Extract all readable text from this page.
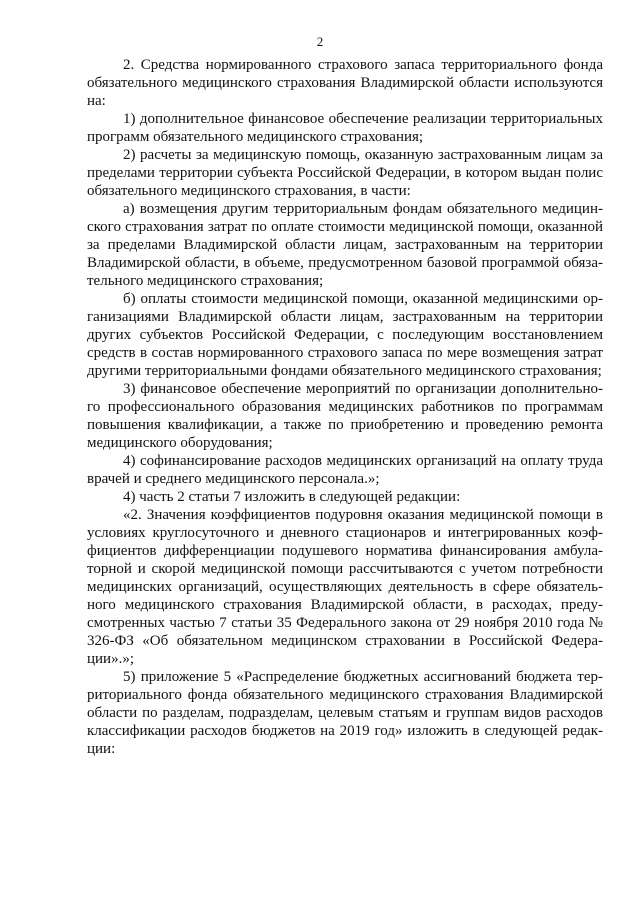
2

2. Средства нормированного страхового запаса территориального фонда обязательного медицинского страхования Владимирской области используются на:

1) дополнительное финансовое обеспечение реализации территориальных программ обязательного медицинского страхования;

2) расчеты за медицинскую помощь, оказанную застрахованным лицам за пределами территории субъекта Российской Федерации, в котором выдан полис обязательного медицинского страхования, в части:

а) возмещения другим территориальным фондам обязательного медицинского страхования затрат по оплате стоимости медицинской помощи, оказанной за пределами Владимирской области лицам, застрахованным на территории Владимирской области, в объеме, предусмотренном базовой программой обязательного медицинского страхования;

б) оплаты стоимости медицинской помощи, оказанной медицинскими организациями Владимирской области лицам, застрахованным на территории других субъектов Российской Федерации, с последующим восстановлением средств в состав нормированного страхового запаса по мере возмещения затрат другими территориальными фондами обязательного медицинского страхования;

3) финансовое обеспечение мероприятий по организации дополнительного профессионального образования медицинских работников по программам повышения квалификации, а также по приобретению и проведению ремонта медицинского оборудования;

4) софинансирование расходов медицинских организаций на оплату труда врачей и среднего медицинского персонала.»;

4) часть 2 статьи 7 изложить в следующей редакции:

«2. Значения коэффициентов подуровня оказания медицинской помощи в условиях круглосуточного и дневного стационаров и интегрированных коэффициентов дифференциации подушевого норматива финансирования амбулаторной и скорой медицинской помощи рассчитываются с учетом потребности медицинских организаций, осуществляющих деятельность в сфере обязательного медицинского страхования Владимирской области, в расходах, предусмотренных частью 7 статьи 35 Федерального закона от 29 ноября 2010 года № 326-ФЗ «Об обязательном медицинском страховании в Российской Федерации».»;

5) приложение 5 «Распределение бюджетных ассигнований бюджета территориального фонда обязательного медицинского страхования Владимирской области по разделам, подразделам, целевым статьям и группам видов расходов классификации расходов бюджетов на 2019 год» изложить в следующей редакции:
